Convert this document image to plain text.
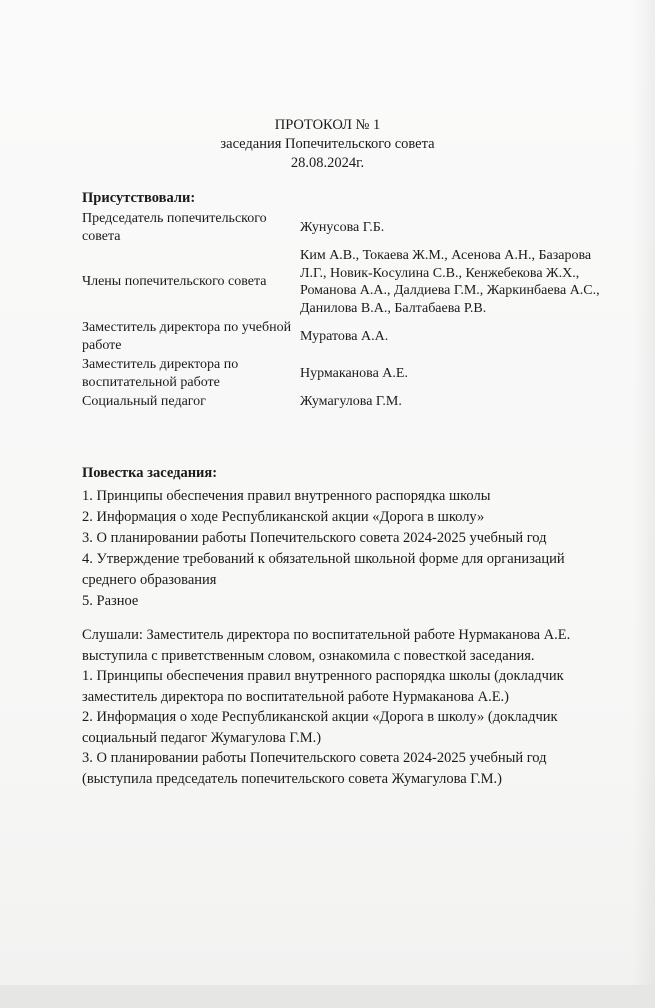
ПРОТОКОЛ № 1
заседания Попечительского совета
28.08.2024г.
Присутствовали:
Председатель попечительского совета	Жунусова Г.Б.
Члены попечительского совета	Ким А.В., Токаева Ж.М., Асенова А.Н., Базарова Л.Г., Новик-Косулина С.В., Кенжебекова Ж.Х., Романова А.А., Далдиева Г.М., Жаркинбаева А.С., Данилова В.А., Балтабаева Р.В.
Заместитель директора по учебной работе	Муратова А.А.
Заместитель директора по воспитательной работе	Нурмаканова А.Е.
Социальный педагог	Жумагулова Г.М.
Повестка заседания:
1. Принципы обеспечения правил внутренного распорядка школы
2. Информация о ходе Республиканской акции «Дорога в школу»
3. О планировании работы Попечительского совета 2024-2025 учебный год
4. Утверждение требований к обязательной школьной форме для организаций среднего образования
5. Разное
Слушали: Заместитель директора по воспитательной работе Нурмаканова А.Е. выступила с приветственным словом, ознакомила с повесткой заседания.
1. Принципы обеспечения правил внутренного распорядка школы (докладчик заместитель директора по воспитательной работе Нурмаканова А.Е.)
2. Информация о ходе Республиканской акции «Дорога в школу» (докладчик социальный педагог Жумагулова Г.М.)
3. О планировании работы Попечительского совета 2024-2025 учебный год (выступила председатель попечительского совета Жумагулова Г.М.)
